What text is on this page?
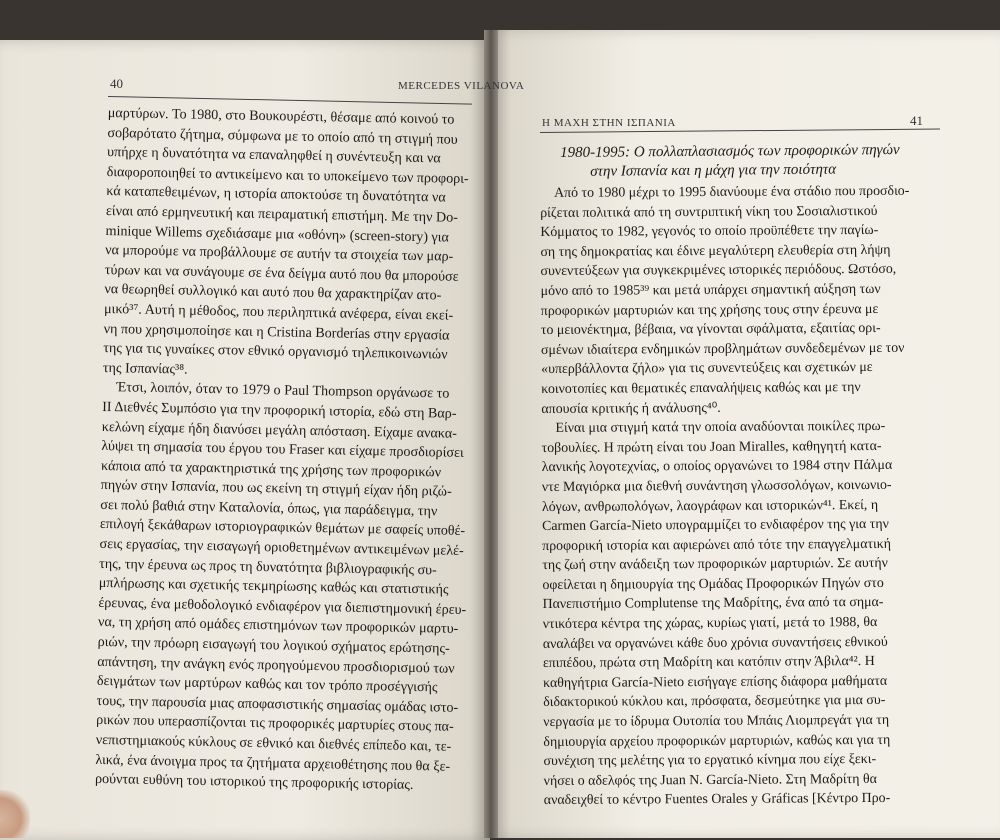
40	MERCEDES VILANOVA

μαρτύρων. Το 1980, στο Βουκουρέστι, θέσαμε από κοινού το

σοβαρότατο ζήτημα, σύμφωνα με το οποίο από τη στιγμή που

υπήρχε η δυνατότητα να επαναληφθεί η συνέντευξη και να

διαφοροποιηθεί το αντικείμενο και το υποκείμενο των προφορι-

κά καταπεθειμένων, η ιστορία αποκτούσε τη δυνατότητα να

είναι από ερμηνευτική και πειραματική επιστήμη. Με την Do-

minique Willems σχεδιάσαμε μια «οθόνη» (screen-story) για

να μπορούμε να προβάλλουμε σε αυτήν τα στοιχεία των μαρ-

τύρων και να συνάγουμε σε ένα δείγμα αυτό που θα μπορούσε

να θεωρηθεί συλλογικό και αυτό που θα χαρακτηρίζαν ατο-

μικό³⁷. Αυτή η μέθοδος, που περιληπτικά ανέφερα, είναι εκεί-

νη που χρησιμοποίησε και η Cristina Borderías στην εργασία

της για τις γυναίκες στον εθνικό οργανισμό τηλεπικοινωνιών

της Ισπανίας³⁸.

Έτσι, λοιπόν, όταν το 1979 ο Paul Thompson οργάνωσε το

ΙΙ Διεθνές Συμπόσιο για την προφορική ιστορία, εδώ στη Βαρ-

κελώνη είχαμε ήδη διανύσει μεγάλη απόσταση. Είχαμε ανακα-

λύψει τη σημασία του έργου του Fraser και είχαμε προσδιορίσει

κάποια από τα χαρακτηριστικά της χρήσης των προφορικών

πηγών στην Ισπανία, που ως εκείνη τη στιγμή είχαν ήδη ριζώ-

σει πολύ βαθιά στην Καταλονία, όπως, για παράδειγμα, την

επιλογή ξεκάθαρων ιστοριογραφικών θεμάτων με σαφείς υποθέ-

σεις εργασίας, την εισαγωγή οριοθετημένων αντικειμένων μελέ-

της, την έρευνα ως προς τη δυνατότητα βιβλιογραφικής συ-

μπλήρωσης και σχετικής τεκμηρίωσης καθώς και στατιστικής

έρευνας, ένα μεθοδολογικό ενδιαφέρον για διεπιστημονική έρευ-

να, τη χρήση από ομάδες επιστημόνων των προφορικών μαρτυ-

ριών, την πρόωρη εισαγωγή του λογικού σχήματος ερώτησης-

απάντηση, την ανάγκη ενός προηγούμενου προσδιορισμού των

δειγμάτων των μαρτύρων καθώς και τον τρόπο προσέγγισής

τους, την παρουσία μιας αποφασιστικής σημασίας ομάδας ιστο-

ρικών που υπερασπίζονται τις προφορικές μαρτυρίες στους πα-

νεπιστημιακούς κύκλους σε εθνικό και διεθνές επίπεδο και, τε-

λικά, ένα άνοιγμα προς τα ζητήματα αρχειοθέτησης που θα ξε-

ρούνται ευθύνη του ιστορικού της προφορικής ιστορίας.

Η ΜΑΧΗ ΣΤΗΝ ΙΣΠΑΝΙΑ	41
1980-1995: Ο πολλαπλασιασμός των προφορικών πηγών
στην Ισπανία και η μάχη για την ποιότητα

Από το 1980 μέχρι το 1995 διανύουμε ένα στάδιο που προσδιο-

ρίζεται πολιτικά από τη συντριπτική νίκη του Σοσιαλιστικού

Κόμματος το 1982, γεγονός το οποίο προϋπέθετε την παγίω-

ση της δημοκρατίας και έδινε μεγαλύτερη ελευθερία στη λήψη

συνεντεύξεων για συγκεκριμένες ιστορικές περιόδους. Ωστόσο,

μόνο από το 1985³⁹ και μετά υπάρχει σημαντική αύξηση των

προφορικών μαρτυριών και της χρήσης τους στην έρευνα με

το μειονέκτημα, βέβαια, να γίνονται σφάλματα, εξαιτίας ορι-

σμένων ιδιαίτερα ενδημικών προβλημάτων συνδεδεμένων με τον

«υπερβάλλοντα ζήλο» για τις συνεντεύξεις και σχετικών με

κοινοτοπίες και θεματικές επαναλήψεις καθώς και με την

απουσία κριτικής ή ανάλυσης⁴⁰.

Είναι μια στιγμή κατά την οποία αναδύονται ποικίλες πρω-

τοβουλίες. Η πρώτη είναι του Joan Miralles, καθηγητή κατα-

λανικής λογοτεχνίας, ο οποίος οργανώνει το 1984 στην Πάλμα

ντε Μαγιόρκα μια διεθνή συνάντηση γλωσσολόγων, κοινωνιο-

λόγων, ανθρωπολόγων, λαογράφων και ιστορικών⁴¹. Εκεί, η

Carmen García-Nieto υπογραμμίζει το ενδιαφέρον της για την

προφορική ιστορία και αφιερώνει από τότε την επαγγελματική

της ζωή στην ανάδειξη των προφορικών μαρτυριών. Σε αυτήν

οφείλεται η δημιουργία της Ομάδας Προφορικών Πηγών στο

Πανεπιστήμιο Complutense της Μαδρίτης, ένα από τα σημα-

ντικότερα κέντρα της χώρας, κυρίως γιατί, μετά το 1988, θα

αναλάβει να οργανώνει κάθε δυο χρόνια συναντήσεις εθνικού

επιπέδου, πρώτα στη Μαδρίτη και κατόπιν στην Άβιλα⁴². Η

καθηγήτρια García-Nieto εισήγαγε επίσης διάφορα μαθήματα

διδακτορικού κύκλου και, πρόσφατα, δεσμεύτηκε για μια συ-

νεργασία με το ίδρυμα Ουτοπία του Μπάις Λιομπρεγάτ για τη

δημιουργία αρχείου προφορικών μαρτυριών, καθώς και για τη

συνέχιση της μελέτης για το εργατικό κίνημα που είχε ξεκι-

νήσει ο αδελφός της Juan N. García-Nieto. Στη Μαδρίτη θα

αναδειχθεί το κέντρο Fuentes Orales y Gráficas [Κέντρο Προ-
